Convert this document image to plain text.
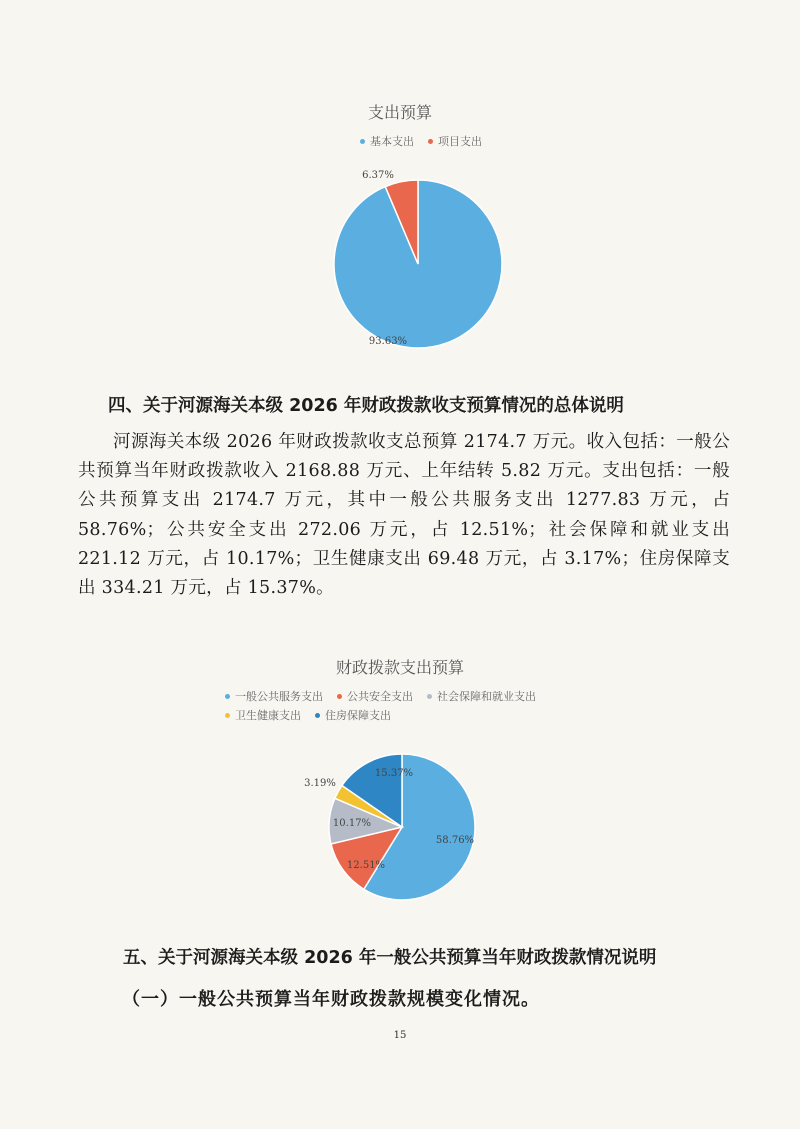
支出预算
基本支出 项目支出
93.63%
6.37%
四、关于河源海关本级 2026 年财政拨款收支预算情况的总体说明
河源海关本级 2026 年财政拨款收支总预算 2174.7 万元。收入包括：一般公共预算当年财政拨款收入 2168.88 万元、上年结转 5.82 万元。支出包括：一般公共预算支出 2174.7 万元，其中一般公共服务支出 1277.83 万元，占 58.76%；公共安全支出 272.06 万元，占 12.51%；社会保障和就业支出 221.12 万元，占 10.17%；卫生健康支出 69.48 万元，占 3.17%；住房保障支出 334.21 万元，占 15.37%。
财政拨款支出预算
一般公共服务支出 公共安全支出 社会保障和就业支出
卫生健康支出 住房保障支出
58.76%
12.51%
10.17%
3.19%
15.37%
五、关于河源海关本级 2026 年一般公共预算当年财政拨款情况说明
（一）一般公共预算当年财政拨款规模变化情况。
15
